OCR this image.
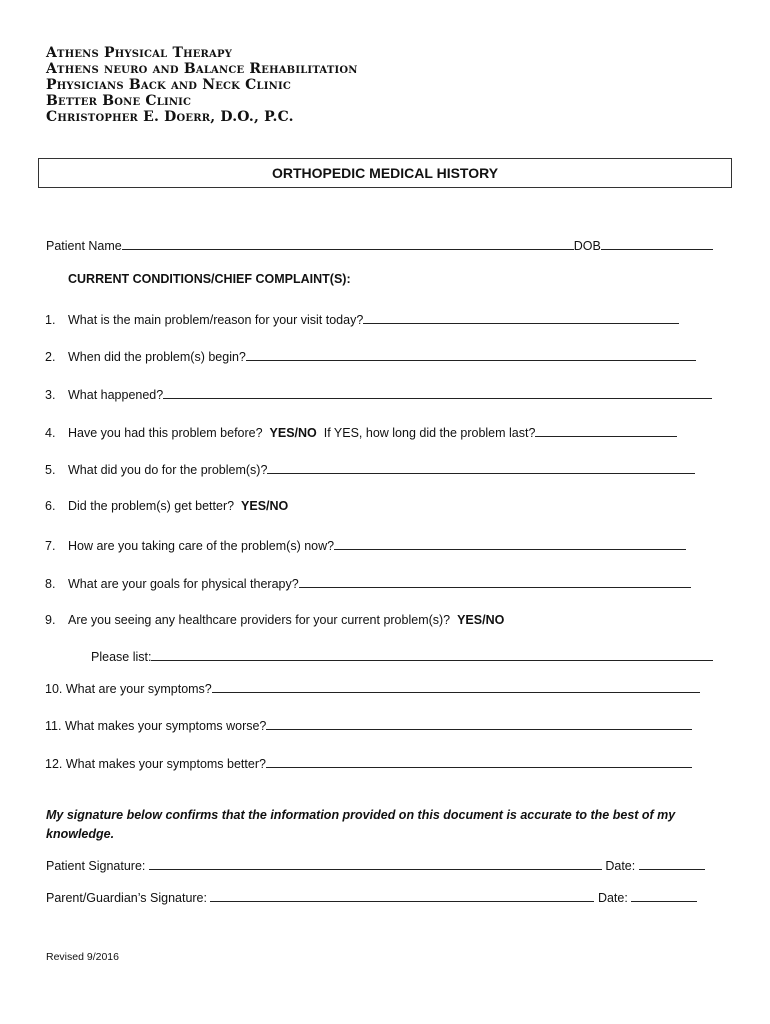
Athens Physical Therapy
Athens neuro and Balance Rehabilitation
Physicians Back and Neck Clinic
Better Bone Clinic
Christopher E. Doerr, D.O., P.C.
ORTHOPEDIC MEDICAL HISTORY
Patient Name	DOB
CURRENT CONDITIONS/CHIEF COMPLAINT(S):
1. What is the main problem/reason for your visit today?
2. When did the problem(s) begin?
3. What happened?
4. Have you had this problem before? YES/NO If YES, how long did the problem last?
5. What did you do for the problem(s)?
6. Did the problem(s) get better? YES/NO
7. How are you taking care of the problem(s) now?
8. What are your goals for physical therapy?
9. Are you seeing any healthcare providers for your current problem(s)? YES/NO
Please list:
10. What are your symptoms?
11. What makes your symptoms worse?
12. What makes your symptoms better?
My signature below confirms that the information provided on this document is accurate to the best of my knowledge.
Patient Signature:	Date:
Parent/Guardian’s Signature:	Date:
Revised 9/2016
